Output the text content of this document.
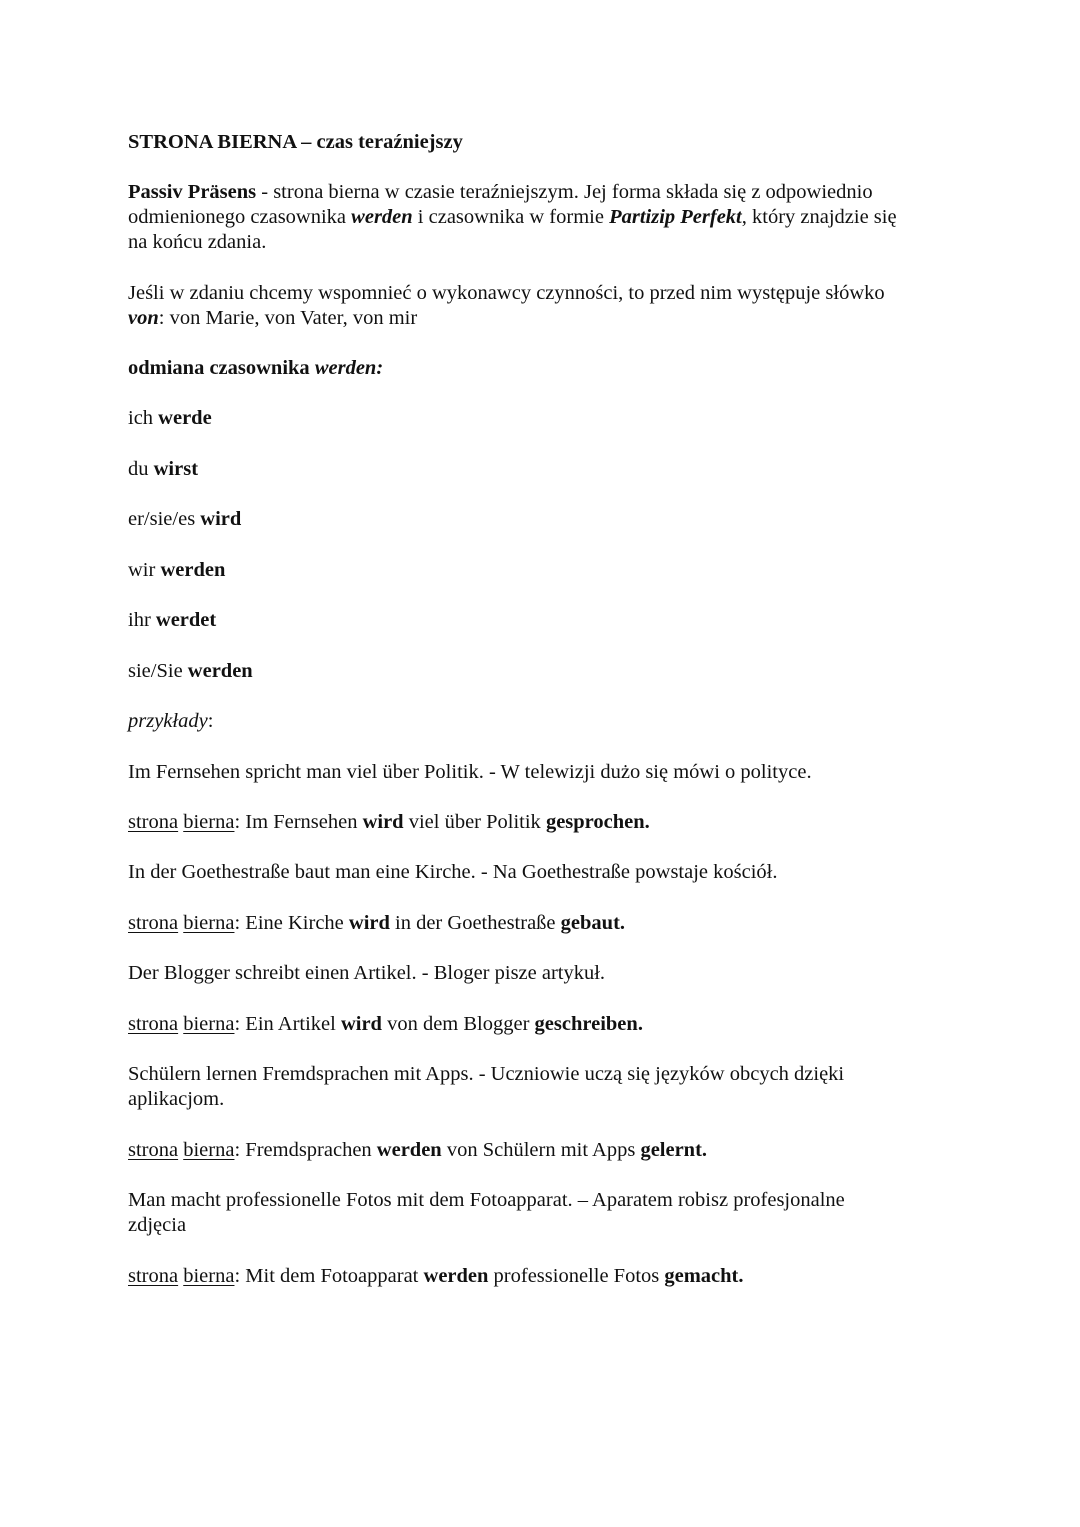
STRONA BIERNA – czas teraźniejszy
Passiv Präsens - strona bierna w czasie teraźniejszym. Jej forma składa się z odpowiednio
odmienionego czasownika werden i czasownika w formie Partizip Perfekt, który znajdzie się
na końcu zdania.
Jeśli w zdaniu chcemy wspomnieć o wykonawcy czynności, to przed nim występuje słówko
von: von Marie, von Vater, von mir
odmiana czasownika werden:
ich werde
du wirst
er/sie/es wird
wir werden
ihr werdet
sie/Sie werden
przykłady:
Im Fernsehen spricht man viel über Politik. - W telewizji dużo się mówi o polityce.
strona bierna: Im Fernsehen wird viel über Politik gesprochen.
In der Goethestraße baut man eine Kirche. - Na Goethestraße powstaje kościół.
strona bierna: Eine Kirche wird in der Goethestraße gebaut.
Der Blogger schreibt einen Artikel. - Bloger pisze artykuł.
strona bierna: Ein Artikel wird von dem Blogger geschreiben.
Schülern lernen Fremdsprachen mit Apps. - Uczniowie uczą się języków obcych dzięki
aplikacjom.
strona bierna: Fremdsprachen werden von Schülern mit Apps gelernt.
Man macht professionelle Fotos mit dem Fotoapparat. – Aparatem robisz profesjonalne
zdjęcia
strona bierna: Mit dem Fotoapparat werden professionelle Fotos gemacht.
